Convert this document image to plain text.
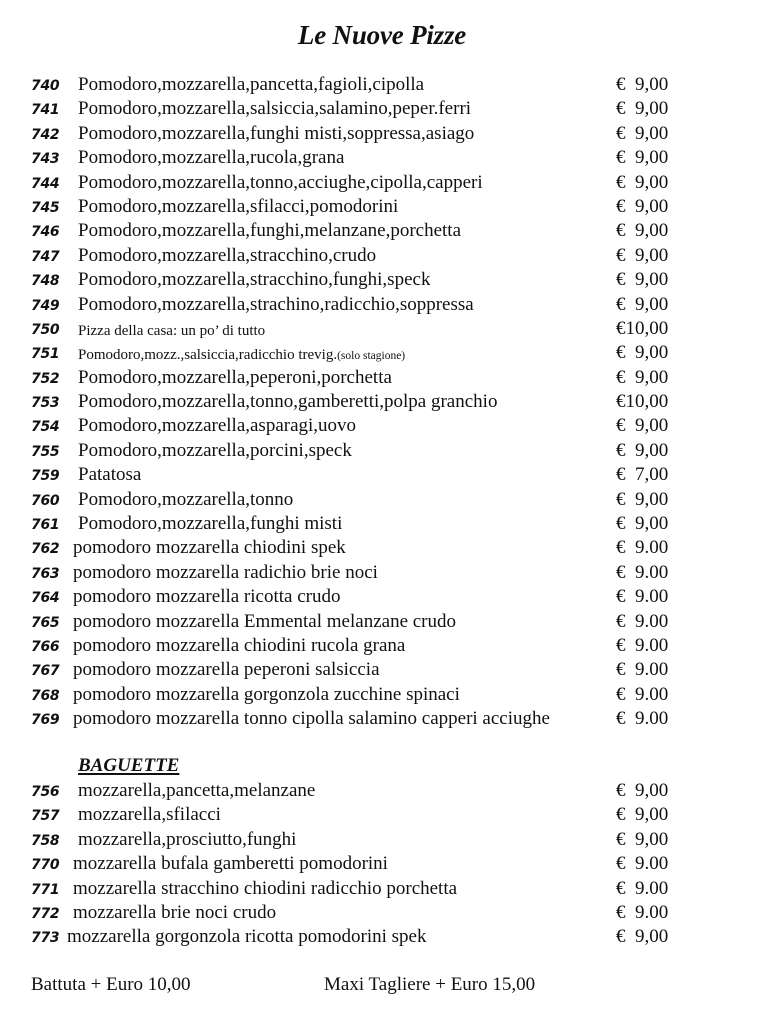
Le Nuove Pizze
740 Pomodoro,mozzarella,pancetta,fagioli,cipolla	€  9,00
741 Pomodoro,mozzarella,salsiccia,salamino,peper.ferri	€  9,00
742 Pomodoro,mozzarella,funghi misti,soppressa,asiago	€  9,00
743 Pomodoro,mozzarella,rucola,grana	€  9,00
744 Pomodoro,mozzarella,tonno,acciughe,cipolla,capperi	€  9,00
745 Pomodoro,mozzarella,sfilacci,pomodorini	€  9,00
746 Pomodoro,mozzarella,funghi,melanzane,porchetta	€  9,00
747 Pomodoro,mozzarella,stracchino,crudo	€  9,00
748 Pomodoro,mozzarella,stracchino,funghi,speck	€  9,00
749 Pomodoro,mozzarella,strachino,radicchio,soppressa	€  9,00
750 Pizza della casa: un po’ di tutto	€10,00
751 Pomodoro,mozz.,salsiccia,radicchio trevig.(solo stagione)	€  9,00
752 Pomodoro,mozzarella,peperoni,porchetta	€  9,00
753 Pomodoro,mozzarella,tonno,gamberetti,polpa granchio	€10,00
754 Pomodoro,mozzarella,asparagi,uovo	€  9,00
755 Pomodoro,mozzarella,porcini,speck	€  9,00
759 Patatosa	€  7,00
760 Pomodoro,mozzarella,tonno	€  9,00
761 Pomodoro,mozzarella,funghi misti	€  9,00
762 pomodoro mozzarella chiodini spek	€  9.00
763 pomodoro mozzarella radichio brie noci	€  9.00
764 pomodoro mozzarella ricotta crudo	€  9.00
765 pomodoro mozzarella Emmental melanzane crudo	€  9.00
766 pomodoro mozzarella chiodini rucola grana	€  9.00
767 pomodoro mozzarella peperoni salsiccia	€  9.00
768 pomodoro mozzarella gorgonzola zucchine spinaci	€  9.00
769 pomodoro mozzarella tonno cipolla salamino capperi acciughe	€  9.00
BAGUETTE
756 mozzarella,pancetta,melanzane	€  9,00
757 mozzarella,sfilacci	€  9,00
758 mozzarella,prosciutto,funghi	€  9,00
770 mozzarella bufala gamberetti pomodorini	€  9.00
771 mozzarella stracchino chiodini radicchio porchetta	€  9.00
772 mozzarella brie noci crudo	€  9.00
773 mozzarella gorgonzola ricotta pomodorini spek	€  9,00
Battuta + Euro 10,00	Maxi Tagliere + Euro 15,00
